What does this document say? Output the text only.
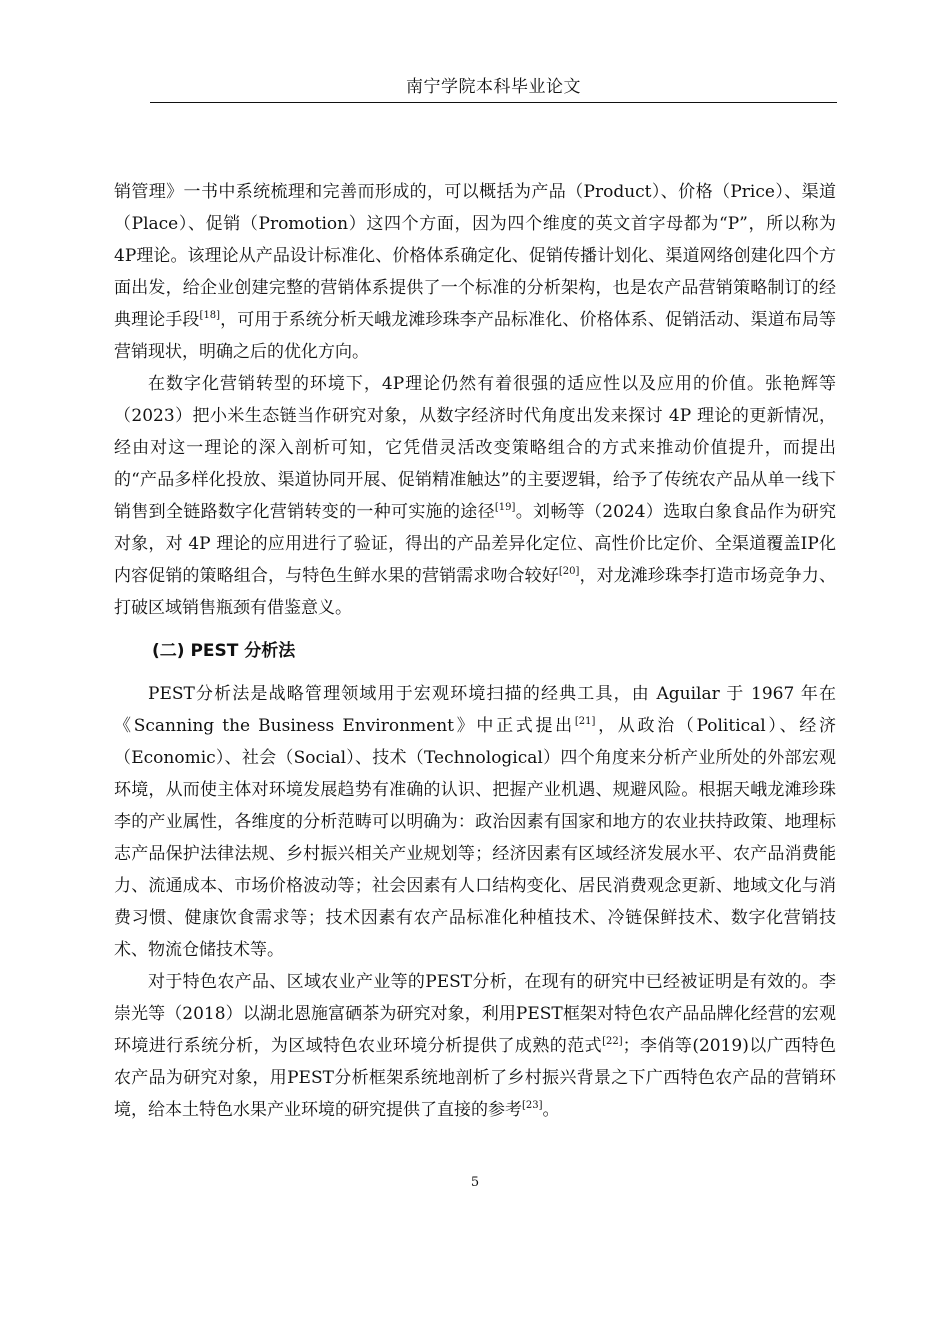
南宁学院本科毕业论文

销管理》一书中系统梳理和完善而形成的，可以概括为产品（Product）、价格（Price）、渠道（Place）、促销（Promotion）这四个方面，因为四个维度的英文首字母都为“P”，所以称为4P理论。该理论从产品设计标准化、价格体系确定化、促销传播计划化、渠道网络创建化四个方面出发，给企业创建完整的营销体系提供了一个标准的分析架构，也是农产品营销策略制订的经典理论手段[18]，可用于系统分析天峨龙滩珍珠李产品标准化、价格体系、促销活动、渠道布局等营销现状，明确之后的优化方向。

在数字化营销转型的环境下，4P理论仍然有着很强的适应性以及应用的价值。张艳辉等（2023）把小米生态链当作研究对象，从数字经济时代角度出发来探讨 4P 理论的更新情况，经由对这一理论的深入剖析可知，它凭借灵活改变策略组合的方式来推动价值提升，而提出的“产品多样化投放、渠道协同开展、促销精准触达”的主要逻辑，给予了传统农产品从单一线下销售到全链路数字化营销转变的一种可实施的途径[19]。刘畅等（2024）选取白象食品作为研究对象，对 4P 理论的应用进行了验证，得出的产品差异化定位、高性价比定价、全渠道覆盖IP化内容促销的策略组合，与特色生鲜水果的营销需求吻合较好[20]，对龙滩珍珠李打造市场竞争力、打破区域销售瓶颈有借鉴意义。

(二) PEST 分析法

PEST分析法是战略管理领域用于宏观环境扫描的经典工具，由 Aguilar 于 1967 年在《Scanning the Business Environment》中正式提出[21]，从政治（Political）、经济（Economic）、社会（Social）、技术（Technological）四个角度来分析产业所处的外部宏观环境，从而使主体对环境发展趋势有准确的认识、把握产业机遇、规避风险。根据天峨龙滩珍珠李的产业属性，各维度的分析范畴可以明确为：政治因素有国家和地方的农业扶持政策、地理标志产品保护法律法规、乡村振兴相关产业规划等；经济因素有区域经济发展水平、农产品消费能力、流通成本、市场价格波动等；社会因素有人口结构变化、居民消费观念更新、地域文化与消费习惯、健康饮食需求等；技术因素有农产品标准化种植技术、冷链保鲜技术、数字化营销技术、物流仓储技术等。

对于特色农产品、区域农业产业等的PEST分析，在现有的研究中已经被证明是有效的。李崇光等（2018）以湖北恩施富硒茶为研究对象，利用PEST框架对特色农产品品牌化经营的宏观环境进行系统分析，为区域特色农业环境分析提供了成熟的范式[22]；李俏等(2019)以广西特色农产品为研究对象，用PEST分析框架系统地剖析了乡村振兴背景之下广西特色农产品的营销环境，给本土特色水果产业环境的研究提供了直接的参考[23]。

5
